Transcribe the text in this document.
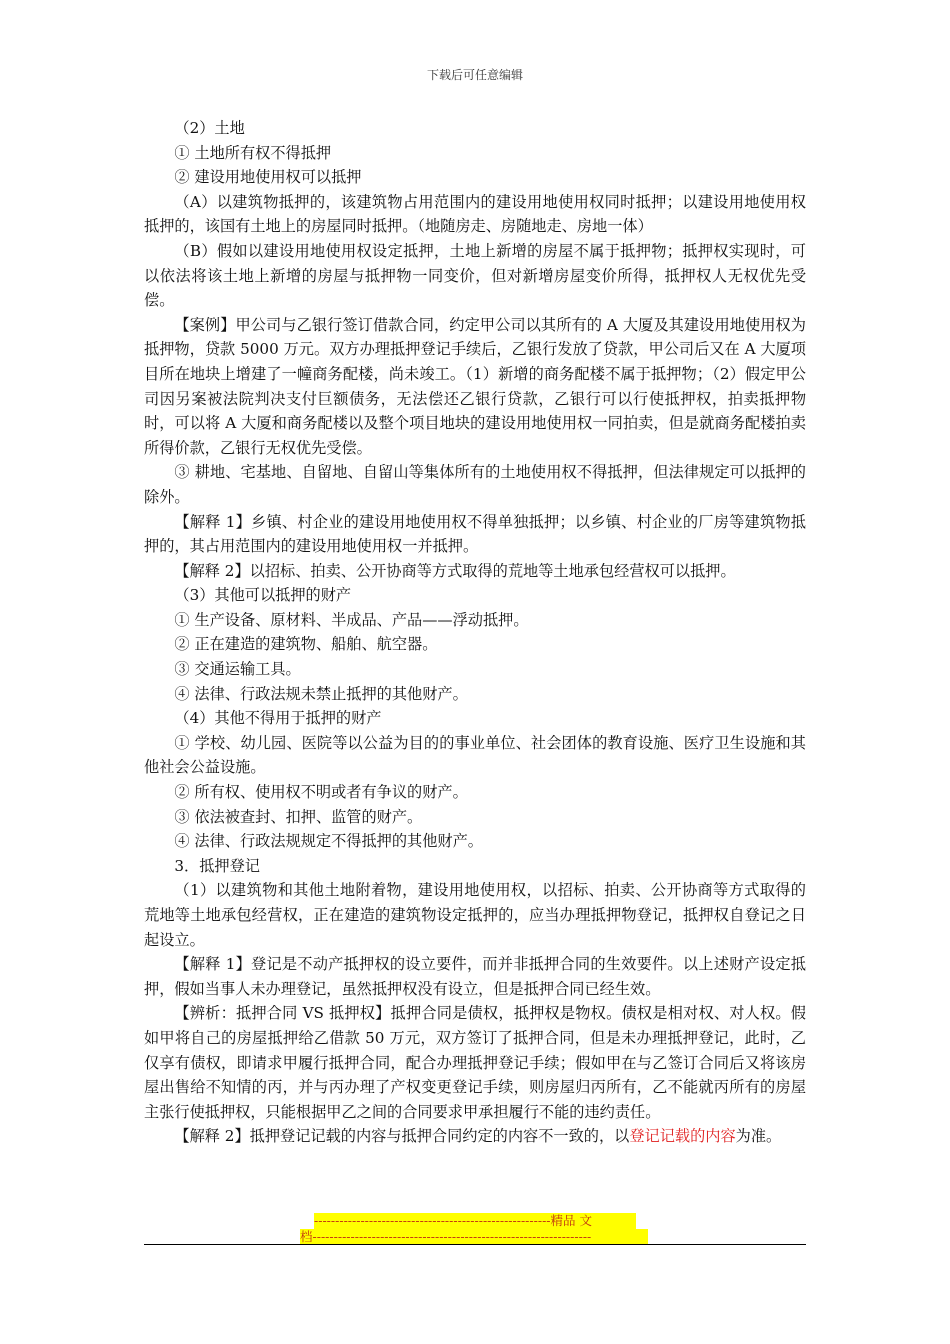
下载后可任意编辑

（2）土地

① 土地所有权不得抵押

② 建设用地使用权可以抵押

（A）以建筑物抵押的，该建筑物占用范围内的建设用地使用权同时抵押；以建设用地使用权抵押的，该国有土地上的房屋同时抵押。（地随房走、房随地走、房地一体）

（B）假如以建设用地使用权设定抵押，土地上新增的房屋不属于抵押物；抵押权实现时，可以依法将该土地上新增的房屋与抵押物一同变价，但对新增房屋变价所得，抵押权人无权优先受偿。

【案例】甲公司与乙银行签订借款合同，约定甲公司以其所有的 A 大厦及其建设用地使用权为抵押物，贷款 5000 万元。双方办理抵押登记手续后，乙银行发放了贷款，甲公司后又在 A 大厦项目所在地块上增建了一幢商务配楼，尚未竣工。（1）新增的商务配楼不属于抵押物；（2）假定甲公司因另案被法院判决支付巨额债务，无法偿还乙银行贷款，乙银行可以行使抵押权，拍卖抵押物时，可以将 A 大厦和商务配楼以及整个项目地块的建设用地使用权一同拍卖，但是就商务配楼拍卖所得价款，乙银行无权优先受偿。

③ 耕地、宅基地、自留地、自留山等集体所有的土地使用权不得抵押，但法律规定可以抵押的除外。

【解释 1】乡镇、村企业的建设用地使用权不得单独抵押；以乡镇、村企业的厂房等建筑物抵押的，其占用范围内的建设用地使用权一并抵押。

【解释 2】以招标、拍卖、公开协商等方式取得的荒地等土地承包经营权可以抵押。

（3）其他可以抵押的财产

① 生产设备、原材料、半成品、产品——浮动抵押。

② 正在建造的建筑物、船舶、航空器。

③ 交通运输工具。

④ 法律、行政法规未禁止抵押的其他财产。

（4）其他不得用于抵押的财产

① 学校、幼儿园、医院等以公益为目的的事业单位、社会团体的教育设施、医疗卫生设施和其他社会公益设施。

② 所有权、使用权不明或者有争议的财产。

③ 依法被查封、扣押、监管的财产。

④ 法律、行政法规规定不得抵押的其他财产。

3．抵押登记

（1）以建筑物和其他土地附着物，建设用地使用权，以招标、拍卖、公开协商等方式取得的荒地等土地承包经营权，正在建造的建筑物设定抵押的，应当办理抵押物登记，抵押权自登记之日起设立。

【解释 1】登记是不动产抵押权的设立要件，而并非抵押合同的生效要件。以上述财产设定抵押，假如当事人未办理登记，虽然抵押权没有设立，但是抵押合同已经生效。

【辨析：抵押合同 VS 抵押权】抵押合同是债权，抵押权是物权。债权是相对权、对人权。假如甲将自己的房屋抵押给乙借款 50 万元，双方签订了抵押合同，但是未办理抵押登记，此时，乙仅享有债权，即请求甲履行抵押合同，配合办理抵押登记手续；假如甲在与乙签订合同后又将该房屋出售给不知情的丙，并与丙办理了产权变更登记手续，则房屋归丙所有，乙不能就丙所有的房屋主张行使抵押权，只能根据甲乙之间的合同要求甲承担履行不能的违约责任。

【解释 2】抵押登记记载的内容与抵押合同约定的内容不一致的，以登记记载的内容为准。

--------------------------------------------------------精品 文
档------------------------------------------------------------------
